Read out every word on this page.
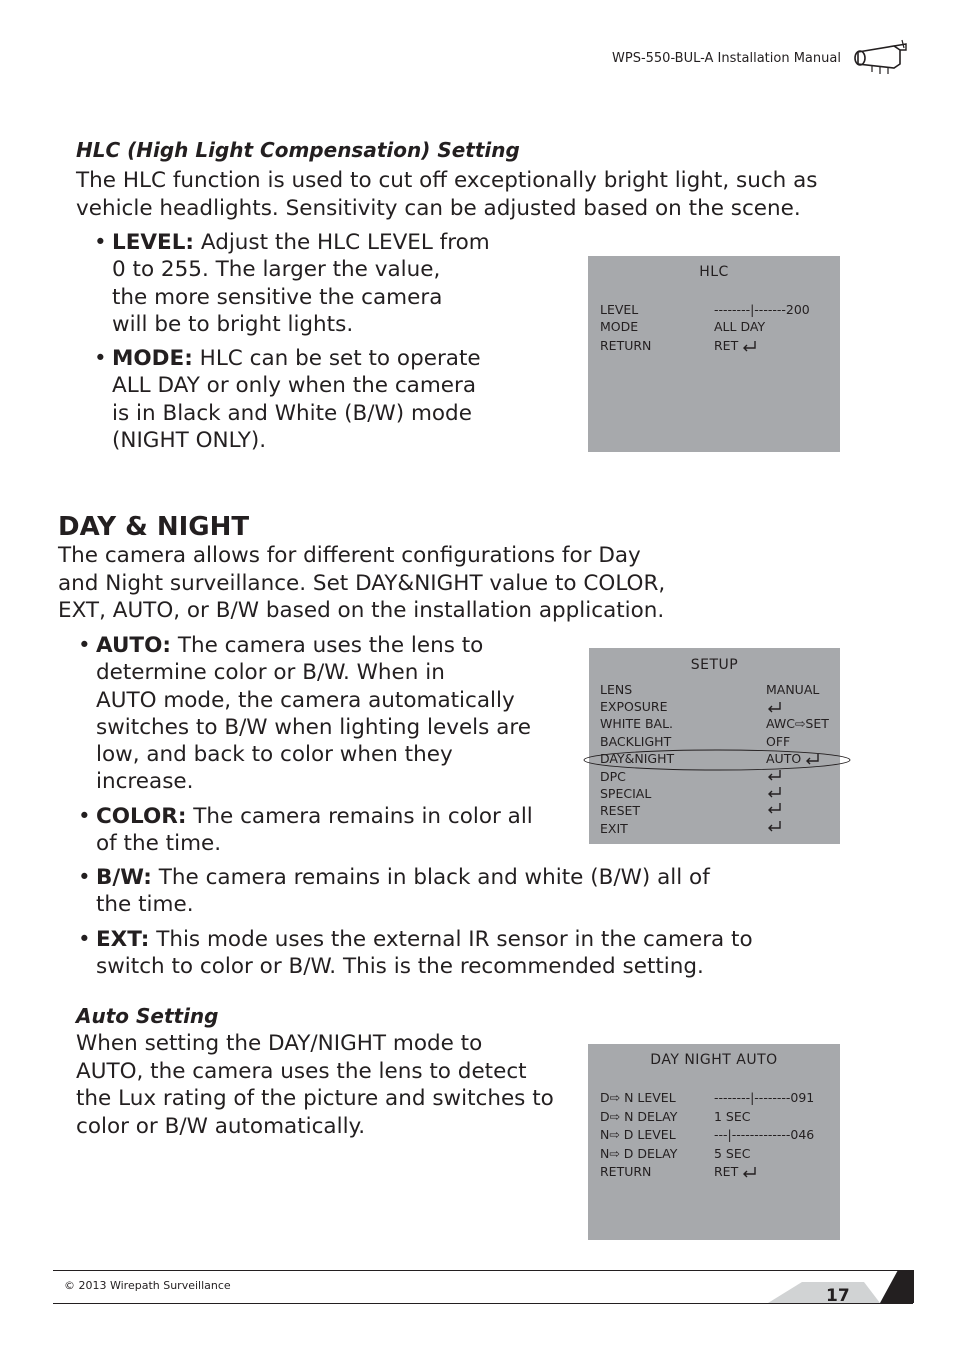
WPS-550-BUL-A Installation Manual
HLC (High Light Compensation) Setting
The HLC function is used to cut off exceptionally bright light, such as
vehicle headlights. Sensitivity can be adjusted based on the scene.
• LEVEL: Adjust the HLC LEVEL from
0 to 255. The larger the value,
the more sensitive the camera
will be to bright lights.
• MODE: HLC can be set to operate
ALL DAY or only when the camera
is in Black and White (B/W) mode
(NIGHT ONLY).
HLC
LEVEL	--------|-------200
MODE	ALL DAY
RETURN	RET
DAY & NIGHT
The camera allows for different configurations for Day
and Night surveillance. Set DAY&NIGHT value to COLOR,
EXT, AUTO, or B/W based on the installation application.
• AUTO: The camera uses the lens to
determine color or B/W. When in
AUTO mode, the camera automatically
switches to B/W when lighting levels are
low, and back to color when they
increase.
• COLOR: The camera remains in color all
of the time.
• B/W: The camera remains in black and white (B/W) all of
the time.
• EXT: This mode uses the external IR sensor in the camera to
switch to color or B/W. This is the recommended setting.
SETUP
LENS	MANUAL
EXPOSURE
WHITE BAL.	AWC⇨SET
BACKLIGHT	OFF
DAY&NIGHT	AUTO
DPC
SPECIAL
RESET
EXIT
Auto Setting
When setting the DAY/NIGHT mode to
AUTO, the camera uses the lens to detect
the Lux rating of the picture and switches to
color or B/W automatically.
DAY NIGHT AUTO
D⇨ N LEVEL	--------|--------091
D⇨ N DELAY	1 SEC
N⇨ D LEVEL	---|-------------046
N⇨ D DELAY	5 SEC
RETURN	RET
© 2013 Wirepath Surveillance
17
